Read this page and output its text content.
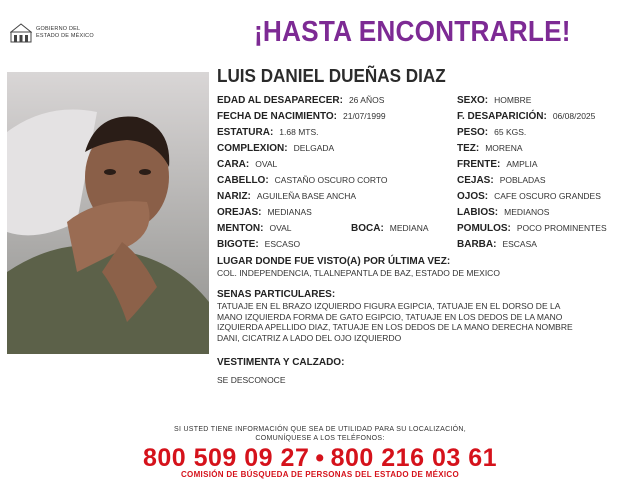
GOBIERNO DEL
ESTADO DE MÉXICO	¡HASTA ENCONTRARLE!
LUIS DANIEL DUEÑAS DIAZ
EDAD AL DESAPARECER: 26 AÑOS
FECHA DE NACIMIENTO: 21/07/1999
ESTATURA: 1.68 MTS.
COMPLEXION: DELGADA
CARA: OVAL
CABELLO: CASTAÑO OSCURO CORTO
NARIZ: AGUILEÑA BASE ANCHA
OREJAS: MEDIANAS
MENTON: OVAL	BOCA: MEDIANA
BIGOTE: ESCASO
SEXO: HOMBRE
F. DESAPARICIÓN: 06/08/2025
PESO: 65 KGS.
TEZ: MORENA
FRENTE: AMPLIA
CEJAS: POBLADAS
OJOS: CAFE OSCURO GRANDES
LABIOS: MEDIANOS
POMULOS: POCO PROMINENTES
BARBA: ESCASA
LUGAR DONDE FUE VISTO(A) POR ÚLTIMA VEZ:
COL. INDEPENDENCIA, TLALNEPANTLA DE BAZ, ESTADO DE MEXICO
SENAS PARTICULARES:
TATUAJE EN EL BRAZO IZQUIERDO FIGURA EGIPCIA, TATUAJE EN EL DORSO DE LA
MANO IZQUIERDA FORMA DE GATO EGIPCIO, TATUAJE EN LOS DEDOS DE LA MANO
IZQUIERDA APELLIDO DIAZ, TATUAJE EN LOS DEDOS DE LA MANO DERECHA NOMBRE
DANI, CICATRIZ A LADO DEL OJO IZQUIERDO
VESTIMENTA Y CALZADO:
SE DESCONOCE
SI USTED TIENE INFORMACIÓN QUE SEA DE UTILIDAD PARA SU LOCALIZACIÓN,
COMUNÍQUESE A LOS TELÉFONOS:
800 509 09 27 • 800 216 03 61
COMISIÓN DE BÚSQUEDA DE PERSONAS DEL ESTADO DE MÉXICO
